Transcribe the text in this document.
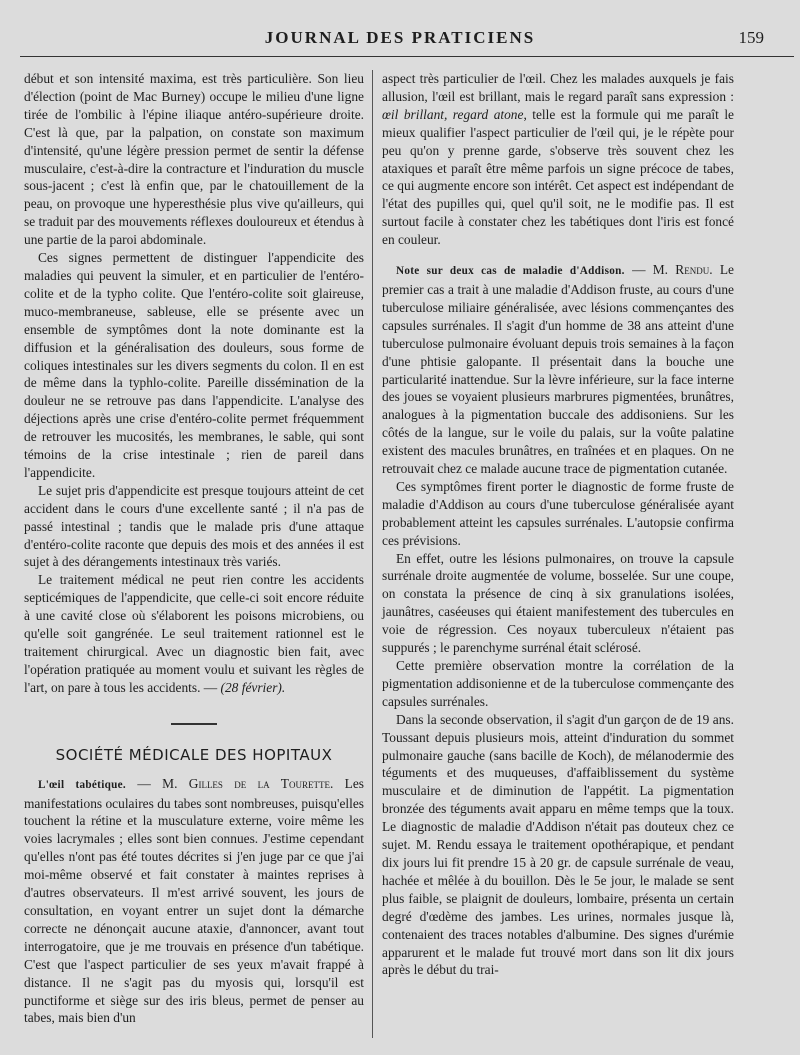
JOURNAL DES PRATICIENS	159

début et son intensité maxima, est très particulière. Son lieu d'élection (point de Mac Burney) occupe le milieu d'une ligne tirée de l'ombilic à l'épine iliaque antéro-supérieure droite. C'est là que, par la palpation, on constate son maximum d'intensité, qu'une légère pression permet de sentir la défense musculaire, c'est-à-dire la contracture et l'induration du muscle sous-jacent ; c'est là enfin que, par le chatouillement de la peau, on provoque une hyperesthésie plus vive qu'ailleurs, qui se traduit par des mouvements réflexes douloureux et étendus à une partie de la paroi abdominale.

Ces signes permettent de distinguer l'appendicite des maladies qui peuvent la simuler, et en particulier de l'entéro-colite et de la typho colite. Que l'entéro-colite soit glaireuse, muco-membraneuse, sableuse, elle se présente avec un ensemble de symptômes dont la note dominante est la diffusion et la généralisation des douleurs, sous forme de coliques intestinales sur les divers segments du colon. Il en est de même dans la typhlo-colite. Pareille dissémination de la douleur ne se retrouve pas dans l'appendicite. L'analyse des déjections après une crise d'entéro-colite permet fréquemment de retrouver les mucosités, les membranes, le sable, qui sont témoins de la crise intestinale ; rien de pareil dans l'appendicite.

Le sujet pris d'appendicite est presque toujours atteint de cet accident dans le cours d'une excellente santé ; il n'a pas de passé intestinal ; tandis que le malade pris d'une attaque d'entéro-colite raconte que depuis des mois et des années il est sujet à des dérangements intestinaux très variés.

Le traitement médical ne peut rien contre les accidents septicémiques de l'appendicite, que celle-ci soit encore réduite à une cavité close où s'élaborent les poisons microbiens, ou qu'elle soit gangrénée. Le seul traitement rationnel est le traitement chirurgical. Avec un diagnostic bien fait, avec l'opération pratiquée au moment voulu et suivant les règles de l'art, on pare à tous les accidents. — (28 février).

SOCIÉTÉ MÉDICALE DES HOPITAUX

L'œil tabétique. — M. Gilles de la Tourette. Les manifestations oculaires du tabes sont nombreuses, puisqu'elles touchent la rétine et la musculature externe, voire même les voies lacrymales ; elles sont bien connues. J'estime cependant qu'elles n'ont pas été toutes décrites si j'en juge par ce que j'ai moi-même observé et fait constater à maintes reprises à d'autres observateurs. Il m'est arrivé souvent, les jours de consultation, en voyant entrer un sujet dont la démarche correcte ne dénonçait aucune ataxie, d'annoncer, avant tout interrogatoire, que je me trouvais en présence d'un tabétique. C'est que l'aspect particulier de ses yeux m'avait frappé à distance. Il ne s'agit pas du myosis qui, lorsqu'il est punctiforme et siège sur des iris bleus, permet de penser au tabes, mais bien d'un

aspect très particulier de l'œil. Chez les malades auxquels je fais allusion, l'œil est brillant, mais le regard paraît sans expression : œil brillant, regard atone, telle est la formule qui me paraît le mieux qualifier l'aspect particulier de l'œil qui, je le répète pour peu qu'on y prenne garde, s'observe très souvent chez les ataxiques et paraît être même parfois un signe précoce de tabes, ce qui augmente encore son intérêt. Cet aspect est indépendant de l'état des pupilles qui, quel qu'il soit, ne le modifie pas. Il est surtout facile à constater chez les tabétiques dont l'iris est foncé en couleur.

Note sur deux cas de maladie d'Addison. — M. Rendu. Le premier cas a trait à une maladie d'Addison fruste, au cours d'une tuberculose miliaire généralisée, avec lésions commençantes des capsules surrénales. Il s'agit d'un homme de 38 ans atteint d'une tuberculose pulmonaire évoluant depuis trois semaines à la façon d'une phtisie galopante. Il présentait dans la bouche une particularité inattendue. Sur la lèvre inférieure, sur la face interne des joues se voyaient plusieurs marbrures pigmentées, brunâtres, analogues à la pigmentation buccale des addisoniens. Sur les côtés de la langue, sur le voile du palais, sur la voûte palatine existent des macules brunâtres, en traînées et en plaques. On ne retrouvait chez ce malade aucune trace de pigmentation cutanée.

Ces symptômes firent porter le diagnostic de forme fruste de maladie d'Addison au cours d'une tuberculose généralisée ayant probablement atteint les capsules surrénales. L'autopsie confirma ces prévisions.

En effet, outre les lésions pulmonaires, on trouve la capsule surrénale droite augmentée de volume, bosselée. Sur une coupe, on constata la présence de cinq à six granulations isolées, jaunâtres, caséeuses qui étaient manifestement des tubercules en voie de régression. Ces noyaux tuberculeux n'étaient pas suppurés ; le parenchyme surrénal était sclérosé.

Cette première observation montre la corrélation de la pigmentation addisonienne et de la tuberculose commençante des capsules surrénales.

Dans la seconde observation, il s'agit d'un garçon de de 19 ans. Toussant depuis plusieurs mois, atteint d'induration du sommet pulmonaire gauche (sans bacille de Koch), de mélanodermie des téguments et des muqueuses, d'affaiblissement du système musculaire et de diminution de l'appétit. La pigmentation bronzée des téguments avait apparu en même temps que la toux. Le diagnostic de maladie d'Addison n'était pas douteux chez ce sujet. M. Rendu essaya le traitement opothérapique, et pendant dix jours lui fit prendre 15 à 20 gr. de capsule surrénale de veau, hachée et mêlée à du bouillon. Dès le 5e jour, le malade se sent plus faible, se plaignit de douleurs, lombaire, présenta un certain degré d'œdème des jambes. Les urines, normales jusque là, contenaient des traces notables d'albumine. Des signes d'urémie apparurent et le malade fut trouvé mort dans son lit dix jours après le début du trai-
